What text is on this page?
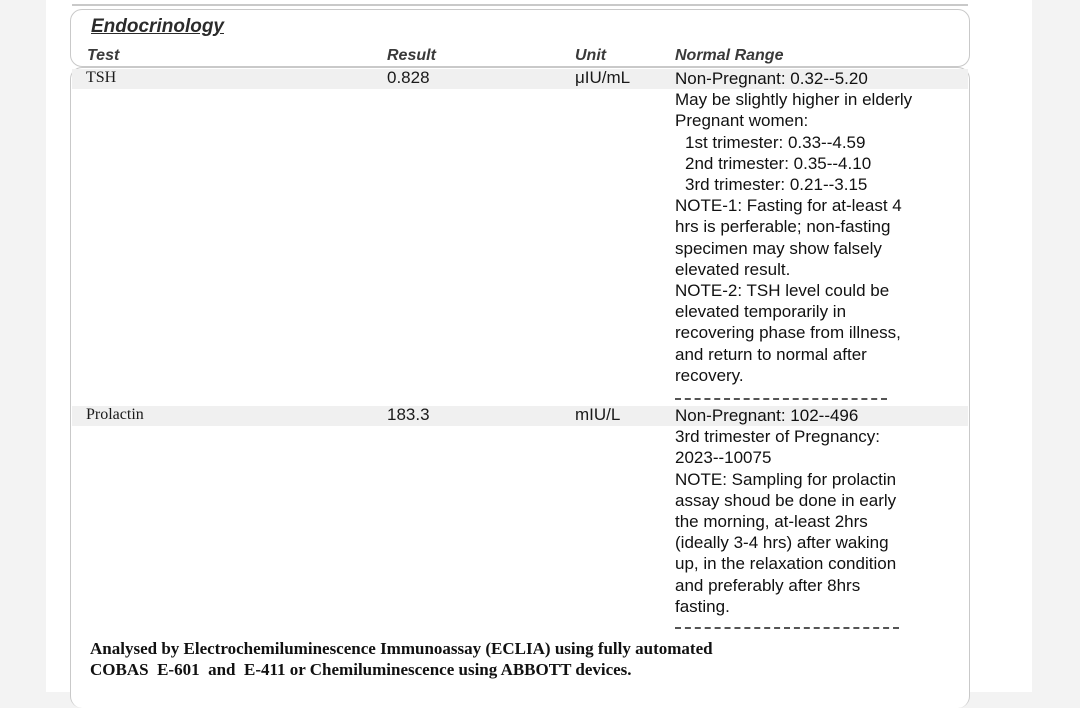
Endocrinology
Test	Result	Unit	Normal Range
TSH	0.828	μIU/mL	Non-Pregnant: 0.32--5.20
May be slightly higher in elderly
Pregnant women:
1st trimester: 0.33--4.59
2nd trimester: 0.35--4.10
3rd trimester: 0.21--3.15
NOTE-1: Fasting for at-least 4
hrs is perferable; non-fasting
specimen may show falsely
elevated result.
NOTE-2: TSH level could be
elevated temporarily in
recovering phase from illness,
and return to normal after
recovery.
Prolactin	183.3	mIU/L	Non-Pregnant: 102--496
3rd trimester of Pregnancy:
2023--10075
NOTE: Sampling for prolactin
assay shoud be done in early
the morning, at-least 2hrs
(ideally 3-4 hrs) after waking
up, in the relaxation condition
and preferably after 8hrs
fasting.
Analysed by Electrochemiluminescence Immunoassay (ECLIA) using fully automated
COBAS  E-601  and  E-411 or Chemiluminescence using ABBOTT devices.
